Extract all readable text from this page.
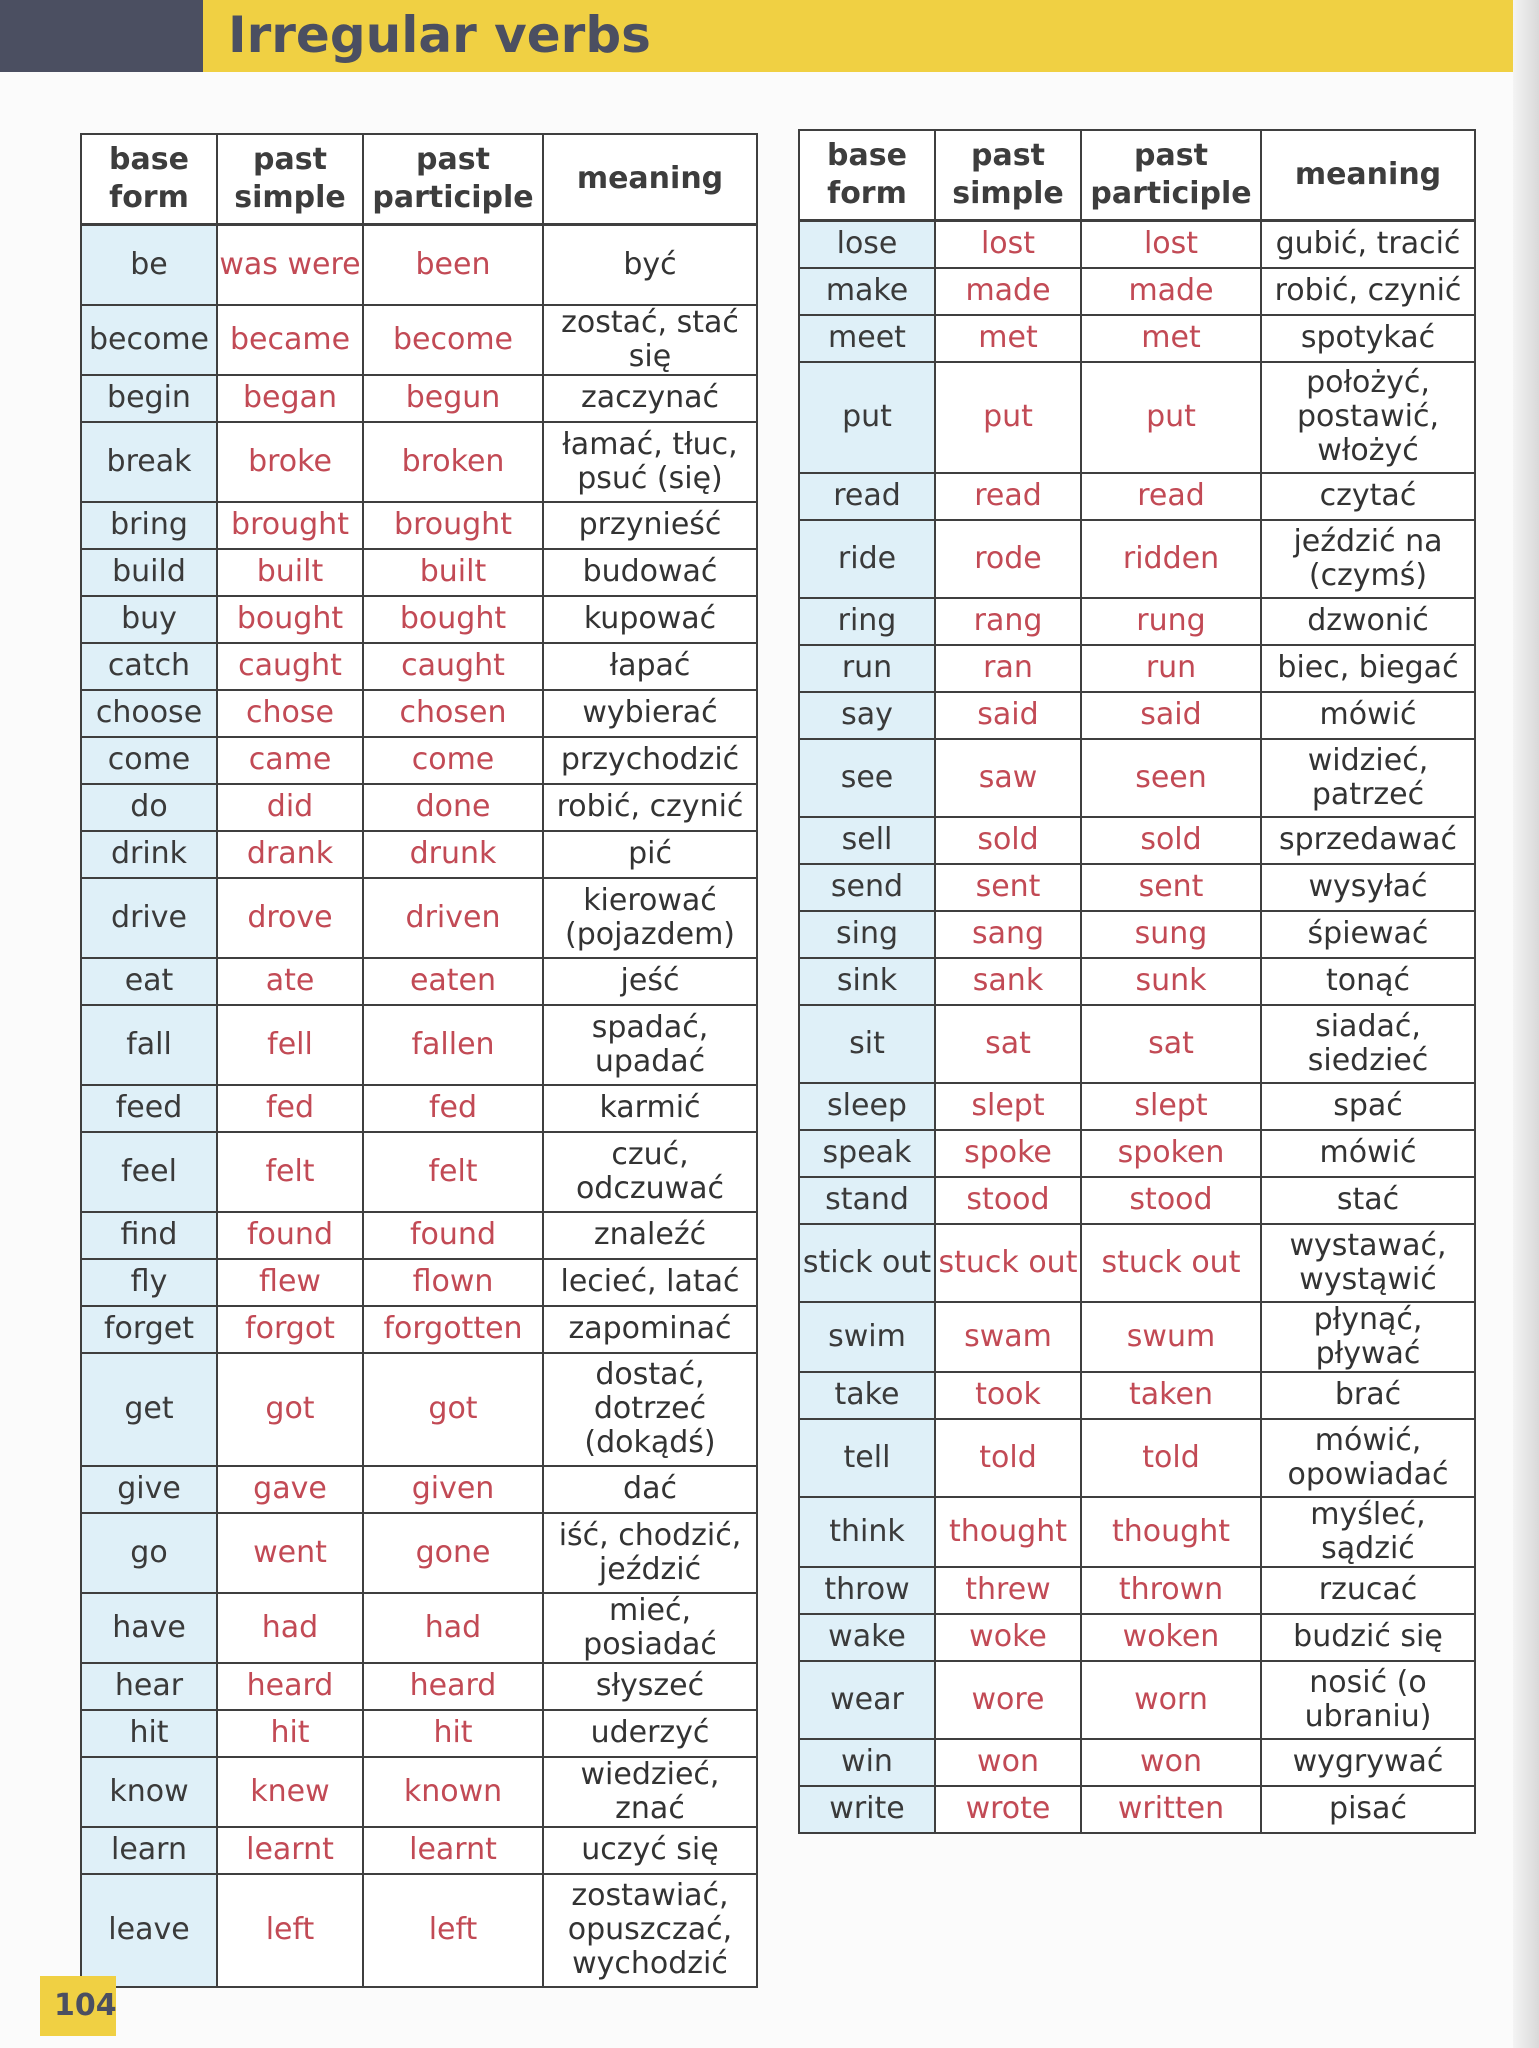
Irregular verbs
base form	past simple	past participle	meaning
be	was were	been	być
become	became	become	zostać, stać się
begin	began	begun	zaczynać
break	broke	broken	łamać, tłuc, psuć (się)
bring	brought	brought	przynieść
build	built	built	budować
buy	bought	bought	kupować
catch	caught	caught	łapać
choose	chose	chosen	wybierać
come	came	come	przychodzić
do	did	done	robić, czynić
drink	drank	drunk	pić
drive	drove	driven	kierować (pojazdem)
eat	ate	eaten	jeść
fall	fell	fallen	spadać, upadać
feed	fed	fed	karmić
feel	felt	felt	czuć, odczuwać
find	found	found	znaleźć
fly	flew	flown	lecieć, latać
forget	forgot	forgotten	zapominać
get	got	got	dostać, dotrzeć (dokądś)
give	gave	given	dać
go	went	gone	iść, chodzić, jeździć
have	had	had	mieć, posiadać
hear	heard	heard	słyszeć
hit	hit	hit	uderzyć
know	knew	known	wiedzieć, znać
learn	learnt	learnt	uczyć się
leave	left	left	zostawiać, opuszczać, wychodzić
base form	past simple	past participle	meaning
lose	lost	lost	gubić, tracić
make	made	made	robić, czynić
meet	met	met	spotykać
put	put	put	położyć, postawić, włożyć
read	read	read	czytać
ride	rode	ridden	jeździć na (czymś)
ring	rang	rung	dzwonić
run	ran	run	biec, biegać
say	said	said	mówić
see	saw	seen	widzieć, patrzeć
sell	sold	sold	sprzedawać
send	sent	sent	wysyłać
sing	sang	sung	śpiewać
sink	sank	sunk	tonąć
sit	sat	sat	siadać, siedzieć
sleep	slept	slept	spać
speak	spoke	spoken	mówić
stand	stood	stood	stać
stick out	stuck out	stuck out	wystawać, wystąwić
swim	swam	swum	płynąć, pływać
take	took	taken	brać
tell	told	told	mówić, opowiadać
think	thought	thought	myśleć, sądzić
throw	threw	thrown	rzucać
wake	woke	woken	budzić się
wear	wore	worn	nosić (o ubraniu)
win	won	won	wygrywać
write	wrote	written	pisać
104
